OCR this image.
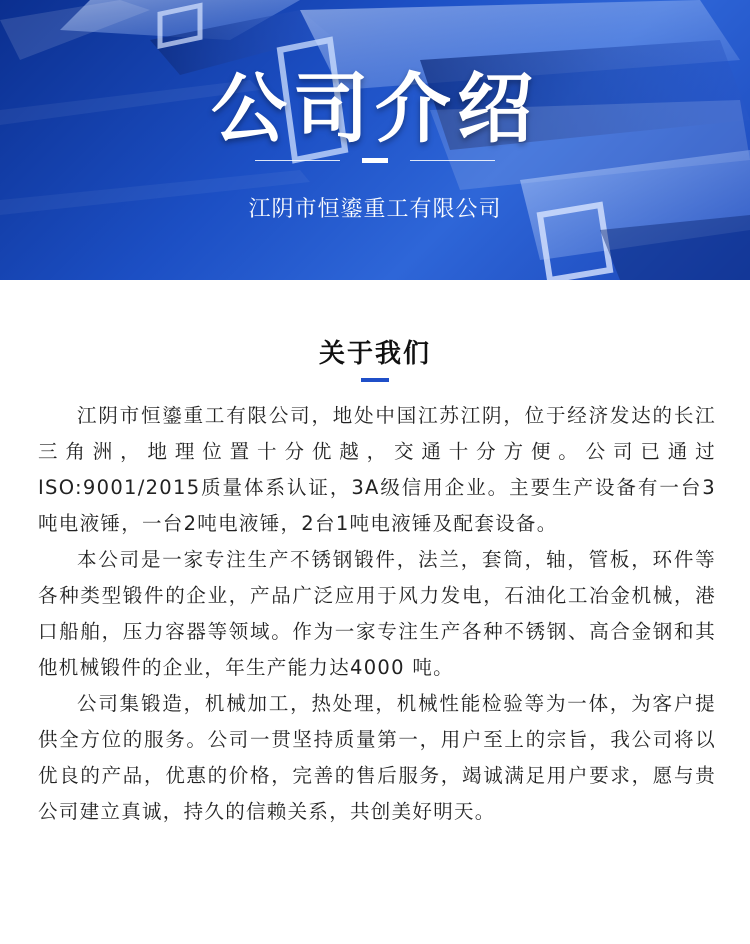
公司介绍
江阴市恒鎏重工有限公司
关于我们

江阴市恒鎏重工有限公司，地处中国江苏江阴，位于经济发达的长江三角洲，地理位置十分优越，交通十分方便。公司已通过ISO:9001/2015质量体系认证，3A级信用企业。主要生产设备有一台3吨电液锤，一台2吨电液锤，2台1吨电液锤及配套设备。

本公司是一家专注生产不锈钢锻件，法兰，套筒，轴，管板，环件等各种类型锻件的企业，产品广泛应用于风力发电，石油化工冶金机械，港口船舶，压力容器等领域。作为一家专注生产各种不锈钢、高合金钢和其他机械锻件的企业，年生产能力达4000 吨。

公司集锻造，机械加工，热处理，机械性能检验等为一体，为客户提供全方位的服务。公司一贯坚持质量第一，用户至上的宗旨，我公司将以优良的产品，优惠的价格，完善的售后服务，竭诚满足用户要求，愿与贵公司建立真诚，持久的信赖关系，共创美好明天。
